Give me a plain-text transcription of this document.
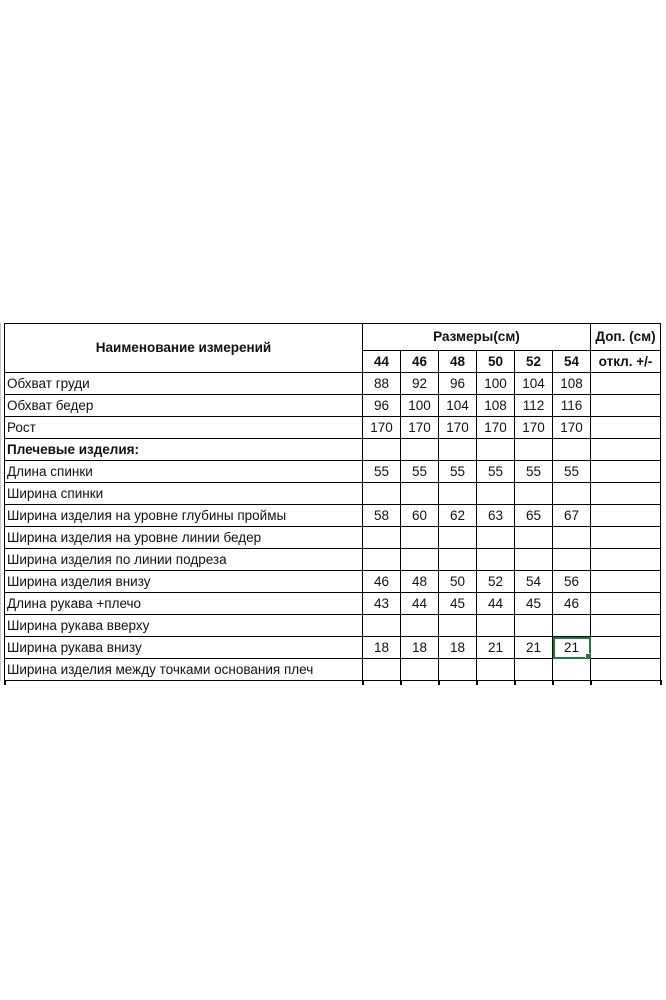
Наименование измерений	Размеры(см)						Доп. (см)
	44	46	48	50	52	54	откл. +/-
Обхват груди	88	92	96	100	104	108	
Обхват бедер	96	100	104	108	112	116	
Рост	170	170	170	170	170	170	
Плечевые изделия:							
Длина спинки	55	55	55	55	55	55	
Ширина спинки							
Ширина изделия на уровне глубины проймы	58	60	62	63	65	67	
Ширина изделия на уровне линии бедер							
Ширина изделия по линии подреза							
Ширина изделия внизу	46	48	50	52	54	56	
Длина рукава +плечо	43	44	45	44	45	46	
Ширина рукава вверху							
Ширина рукава внизу	18	18	18	21	21	21

Ширина изделия между точками основания плеч							
